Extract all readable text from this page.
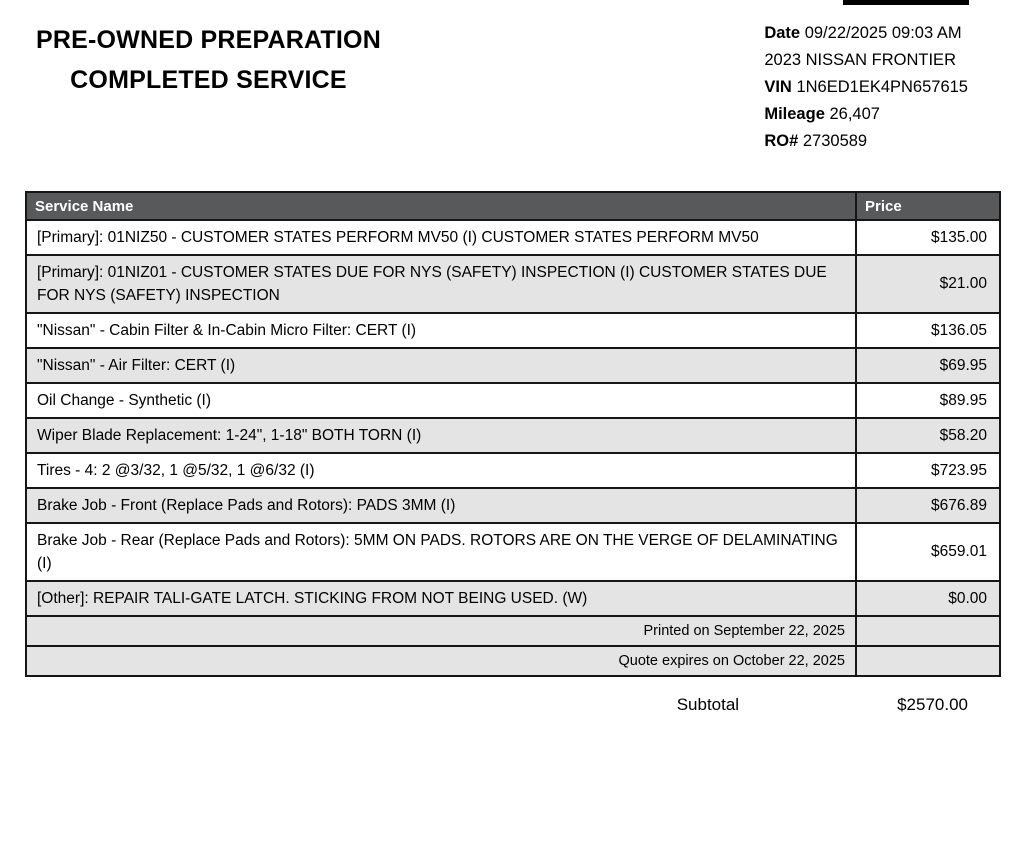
PRE-OWNED PREPARATION
COMPLETED SERVICE
Date 09/22/2025 09:03 AM
2023 NISSAN FRONTIER
VIN 1N6ED1EK4PN657615
Mileage 26,407
RO# 2730589
Service Name	Price
[Primary]: 01NIZ50 - CUSTOMER STATES PERFORM MV50 (I) CUSTOMER STATES PERFORM MV50	$135.00
[Primary]: 01NIZ01 - CUSTOMER STATES DUE FOR NYS (SAFETY) INSPECTION (I) CUSTOMER STATES DUE FOR NYS (SAFETY) INSPECTION	$21.00
"Nissan" - Cabin Filter & In-Cabin Micro Filter: CERT (I)	$136.05
"Nissan" - Air Filter: CERT (I)	$69.95
Oil Change - Synthetic (I)	$89.95
Wiper Blade Replacement: 1-24", 1-18" BOTH TORN (I)	$58.20
Tires - 4: 2 @3/32, 1 @5/32, 1 @6/32 (I)	$723.95
Brake Job - Front (Replace Pads and Rotors): PADS 3MM (I)	$676.89
Brake Job - Rear (Replace Pads and Rotors): 5MM ON PADS. ROTORS ARE ON THE VERGE OF DELAMINATING (I)	$659.01
[Other]: REPAIR TALI-GATE LATCH. STICKING FROM NOT BEING USED. (W)	$0.00
Printed on September 22, 2025	
Quote expires on October 22, 2025	
Subtotal	$2570.00
